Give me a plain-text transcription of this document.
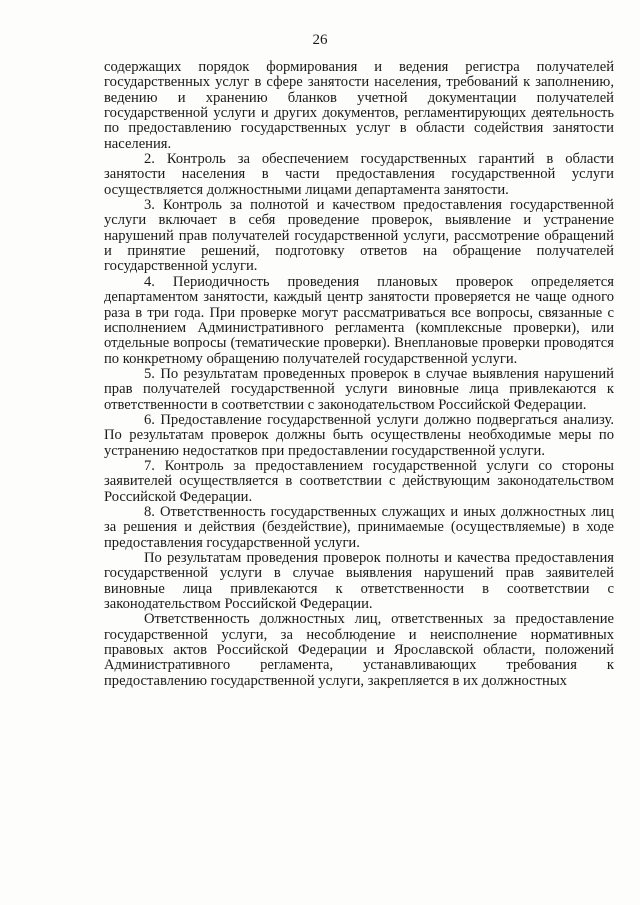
26

содержащих порядок формирования и ведения регистра получателей государственных услуг в сфере занятости населения, требований к заполнению, ведению и хранению бланков учетной документации получателей государственной услуги и других документов, регламентирующих деятельность по предоставлению государственных услуг в области содействия занятости населения.

2. Контроль за обеспечением государственных гарантий в области занятости населения в части предоставления государственной услуги осуществляется должностными лицами департамента занятости.

3. Контроль за полнотой и качеством предоставления государственной услуги включает в себя проведение проверок, выявление и устранение нарушений прав получателей государственной услуги, рассмотрение обращений и принятие решений, подготовку ответов на обращение получателей государственной услуги.

4. Периодичность проведения плановых проверок определяется департаментом занятости, каждый центр занятости проверяется не чаще одного раза в три года. При проверке могут рассматриваться все вопросы, связанные с исполнением Административного регламента (комплексные проверки), или отдельные вопросы (тематические проверки). Внеплановые проверки проводятся по конкретному обращению получателей государственной услуги.

5. По результатам проведенных проверок в случае выявления нарушений прав получателей государственной услуги виновные лица привлекаются к ответственности в соответствии с законодательством Российской Федерации.

6. Предоставление государственной услуги должно подвергаться анализу. По результатам проверок должны быть осуществлены необходимые меры по устранению недостатков при предоставлении государственной услуги.

7. Контроль за предоставлением государственной услуги со стороны заявителей осуществляется в соответствии с действующим законодательством Российской Федерации.

8. Ответственность государственных служащих и иных должностных лиц за решения и действия (бездействие), принимаемые (осуществляемые) в ходе предоставления государственной услуги.

По результатам проведения проверок полноты и качества предоставления государственной услуги в случае выявления нарушений прав заявителей виновные лица привлекаются к ответственности в соответствии с законодательством Российской Федерации.

Ответственность должностных лиц, ответственных за предоставление государственной услуги, за несоблюдение и неисполнение нормативных правовых актов Российской Федерации и Ярославской области, положений Административного регламента, устанавливающих требования к предоставлению государственной услуги, закрепляется в их должностных
